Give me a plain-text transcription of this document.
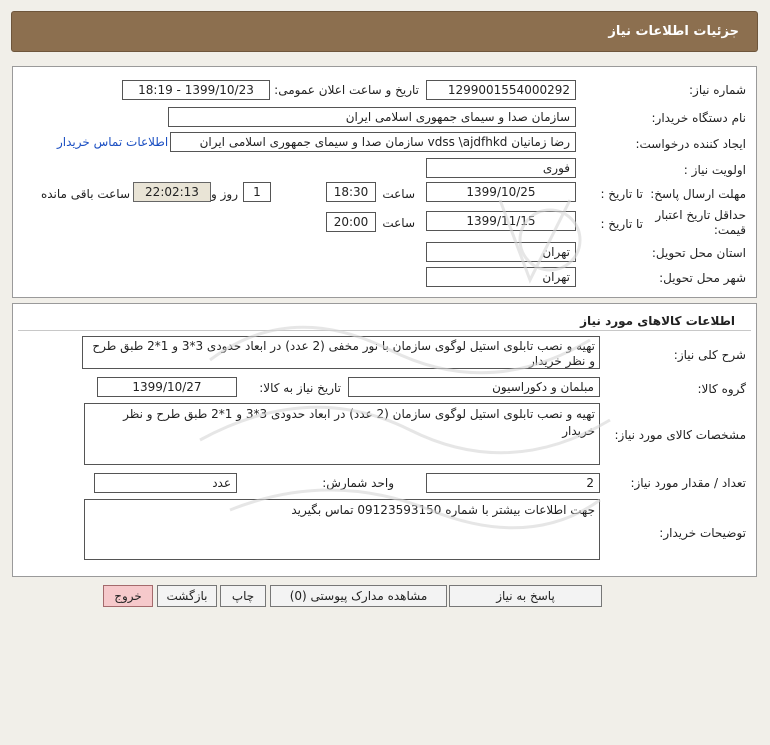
جزئیات اطلاعات نیاز
شماره نیاز:
1299001554000292
تاریخ و ساعت اعلان عمومی:
1399/10/23 - 18:19
نام دستگاه خریدار:
سازمان صدا و سیمای جمهوری اسلامی ایران
ایجاد کننده درخواست:
رضا زمانیان vdss \ajdfhkd سازمان صدا و سیمای جمهوری اسلامی ایران
اطلاعات تماس خریدار
اولویت نیاز :
فوری
مهلت ارسال پاسخ:
تا تاریخ :
1399/10/25
ساعت
18:30
1
روز و
22:02:13
ساعت باقی مانده
حداقل تاریخ اعتبار قیمت:
تا تاریخ :
1399/11/15
ساعت
20:00
استان محل تحویل:
تهران
شهر محل تحویل:
تهران
اطلاعات کالاهای مورد نیاز
شرح کلی نیاز:
تهیه و نصب تابلوی استیل لوگوی سازمان با نور مخفی (2 عدد) در ابعاد حدودی 3*3 و 1*2 طبق طرح و نظر خریدار
گروه کالا:
مبلمان و دکوراسیون
تاریخ نیاز به کالا:
1399/10/27
مشخصات کالای مورد نیاز:
تهیه و نصب تابلوی استیل لوگوی سازمان (2 عدد) در ابعاد حدودی 3*3 و 1*2 طبق طرح و نظر خریدار
تعداد / مقدار مورد نیاز:
2
واحد شمارش:
عدد
توضیحات خریدار:
جهت اطلاعات بیشتر با شماره 09123593150 تماس بگیرید
پاسخ به نیاز
مشاهده مدارک پیوستی (0)
چاپ
بازگشت
خروج
